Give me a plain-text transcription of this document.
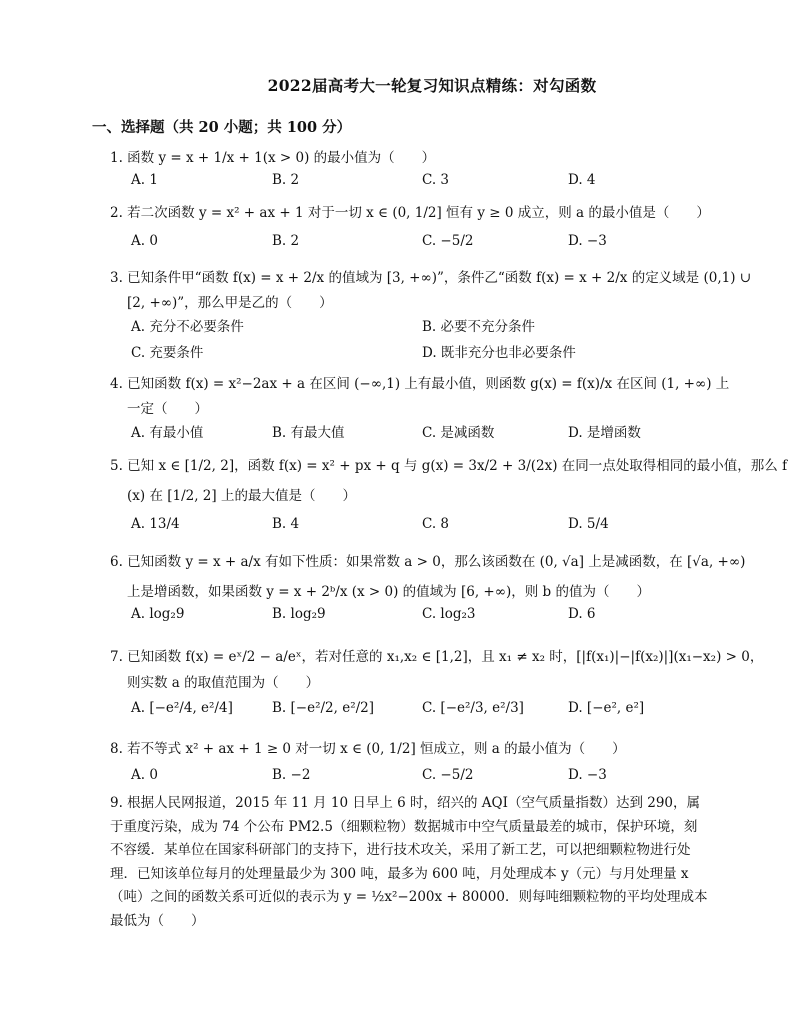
2022届高考大一轮复习知识点精练：对勾函数
一、选择题（共 20 小题；共 100 分）
1. 函数 y = x + 1/x + 1(x > 0) 的最小值为（　　）
A. 1	B. 2	C. 3	D. 4
2. 若二次函数 y = x² + ax + 1 对于一切 x ∈ (0, 1/2] 恒有 y ≥ 0 成立，则 a 的最小值是（　　）
A. 0	B. 2	C. −5/2	D. −3
3. 已知条件甲“函数 f(x) = x + 2/x 的值域为 [3, +∞)”，条件乙“函数 f(x) = x + 2/x 的定义域是 (0,1) ∪
[2, +∞)”，那么甲是乙的（　　）
A. 充分不必要条件	B. 必要不充分条件
C. 充要条件	D. 既非充分也非必要条件
4. 已知函数 f(x) = x²−2ax + a 在区间 (−∞,1) 上有最小值，则函数 g(x) = f(x)/x 在区间 (1, +∞) 上
一定（　　）
A. 有最小值	B. 有最大值	C. 是减函数	D. 是增函数
5. 已知 x ∈ [1/2, 2]，函数 f(x) = x² + px + q 与 g(x) = 3x/2 + 3/(2x) 在同一点处取得相同的最小值，那么 f
(x) 在 [1/2, 2] 上的最大值是（　　）
A. 13/4	B. 4	C. 8	D. 5/4
6. 已知函数 y = x + a/x 有如下性质：如果常数 a > 0，那么该函数在 (0, √a] 上是减函数，在 [√a, +∞)
上是增函数，如果函数 y = x + 2ᵇ/x (x > 0) 的值域为 [6, +∞)，则 b 的值为（　　）
A. log₂9	B. log₂9	C. log₂3	D. 6
7. 已知函数 f(x) = eˣ/2 − a/eˣ，若对任意的 x₁,x₂ ∈ [1,2]，且 x₁ ≠ x₂ 时，[|f(x₁)|−|f(x₂)|](x₁−x₂) > 0，
则实数 a 的取值范围为（　　）
A. [−e²/4, e²/4]	B. [−e²/2, e²/2]	C. [−e²/3, e²/3]	D. [−e², e²]
8. 若不等式 x² + ax + 1 ≥ 0 对一切 x ∈ (0, 1/2] 恒成立，则 a 的最小值为（　　）
A. 0	B. −2	C. −5/2	D. −3
9. 根据人民网报道，2015 年 11 月 10 日早上 6 时，绍兴的 AQI（空气质量指数）达到 290，属于重度污染，成为 74 个公布 PM2.5（细颗粒物）数据城市中空气质量最差的城市，保护环境，刻不容缓．某单位在国家科研部门的支持下，进行技术攻关，采用了新工艺，可以把细颗粒物进行处理．已知该单位每月的处理量最少为 300 吨，最多为 600 吨，月处理成本 y（元）与月处理量 x（吨）之间的函数关系可近似的表示为 y = ½x²−200x + 80000．则每吨细颗粒物的平均处理成本最低为（　　）
